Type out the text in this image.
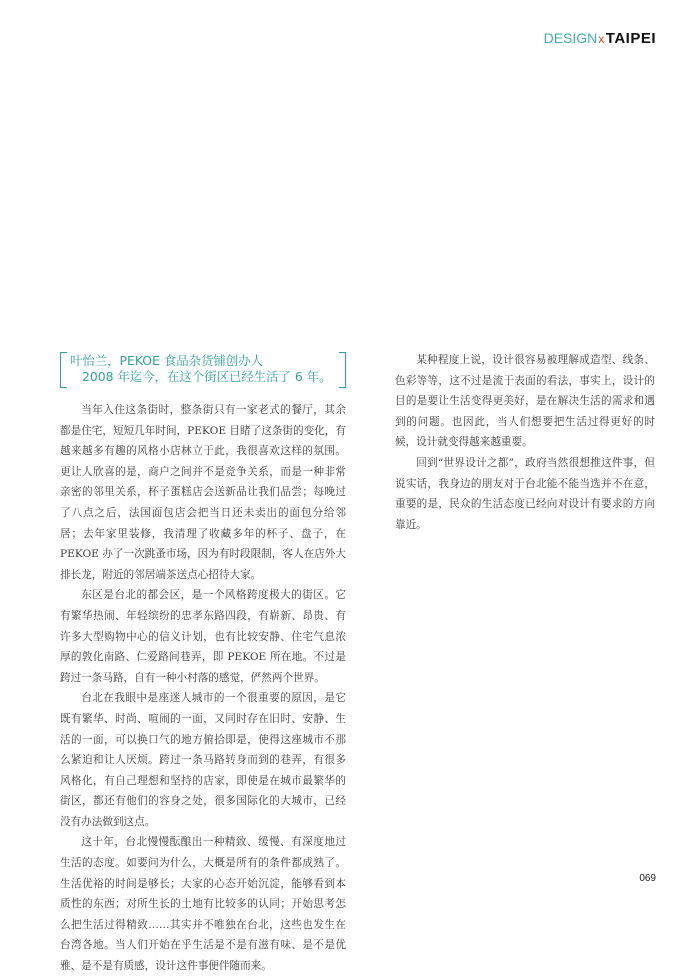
DESIGN x TAIPEI
叶怡兰，PEKOE 食品杂货铺创办人
2008 年迄今，在这个街区已经生活了 6 年。

当年入住这条街时，整条街只有一家老式的餐厅，其余都是住宅，短短几年时间，PEKOE 目睹了这条街的变化，有越来越多有趣的风格小店林立于此，我很喜欢这样的氛围。更让人欣喜的是，商户之间并不是竞争关系，而是一种非常亲密的邻里关系，杯子蛋糕店会送新品让我们品尝；每晚过了八点之后，法国面包店会把当日还未卖出的面包分给邻居；去年家里装修，我清理了收藏多年的杯子、盘子，在 PEKOE 办了一次跳蚤市场，因为有时段限制，客人在店外大排长龙，附近的邻居端茶送点心招待大家。

东区是台北的都会区，是一个风格跨度极大的街区。它有繁华热闹、年轻缤纷的忠孝东路四段，有崭新、昂贵、有许多大型购物中心的信义计划，也有比较安静、住宅气息浓厚的敦化南路、仁爱路间巷弄，即 PEKOE 所在地。不过是跨过一条马路，自有一种小村落的感觉，俨然两个世界。

台北在我眼中是座迷人城市的一个很重要的原因，是它既有繁华、时尚、喧闹的一面，又同时存在旧时、安静、生活的一面，可以换口气的地方俯拾即是，使得这座城市不那么紧迫和让人厌烦。跨过一条马路转身而到的巷弄，有很多风格化，有自己理想和坚持的店家，即使是在城市最繁华的街区，都还有他们的容身之处，很多国际化的大城市，已经没有办法做到这点。

这十年，台北慢慢酝酿出一种精致、缓慢、有深度地过生活的态度。如要问为什么，大概是所有的条件都成熟了。生活优裕的时间是够长；大家的心态开始沉淀，能够看到本质性的东西；对所生长的土地有比较多的认同；开始思考怎么把生活过得精致……其实并不唯独在台北，这些也发生在台湾各地。当人们开始在乎生活是不是有滋有味、是不是优雅、是不是有质感，设计这件事便伴随而来。

某种程度上说，设计很容易被理解成造型、线条、色彩等等，这不过是流于表面的看法，事实上，设计的目的是要让生活变得更美好，是在解决生活的需求和遇到的问题。也因此，当人们想要把生活过得更好的时候，设计就变得越来越重要。

回到“世界设计之都”，政府当然很想推这件事，但说实话，我身边的朋友对于台北能不能当选并不在意，重要的是，民众的生活态度已经向对设计有要求的方向靠近。

069
